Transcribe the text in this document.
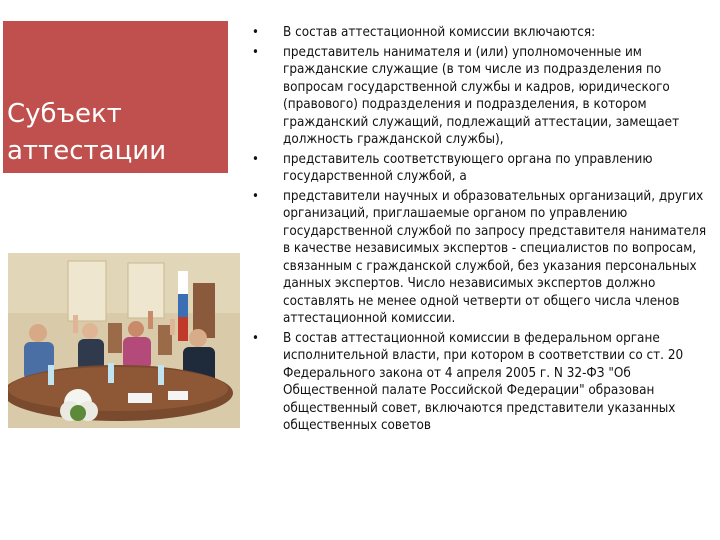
Субъект
аттестации
• В состав аттестационной комиссии включаются:
• представитель нанимателя и (или) уполномоченные им гражданские служащие (в том числе из подразделения по вопросам государственной службы и кадров, юридического (правового) подразделения и подразделения, в котором гражданский служащий, подлежащий аттестации, замещает должность гражданской службы),
• представитель соответствующего органа по управлению государственной службой, а
• представители научных и образовательных организаций, других организаций, приглашаемые органом по управлению государственной службой по запросу представителя нанимателя в качестве независимых экспертов - специалистов по вопросам, связанным с гражданской службой, без указания персональных данных экспертов. Число независимых экспертов должно составлять не менее одной четверти от общего числа членов аттестационной комиссии.
• В состав аттестационной комиссии в федеральном органе исполнительной власти, при котором в соответствии со ст. 20 Федерального закона от 4 апреля 2005 г. N 32-ФЗ "Об Общественной палате Российской Федерации" образован общественный совет, включаются представители указанных общественных советов
